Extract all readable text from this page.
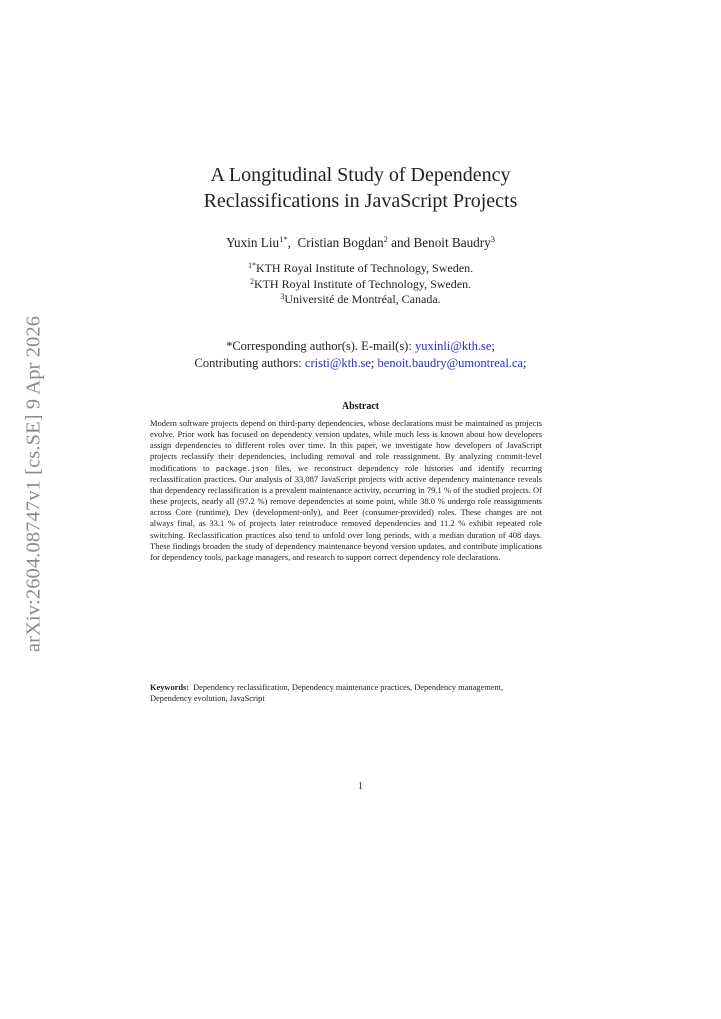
arXiv:2604.08747v1 [cs.SE] 9 Apr 2026
A Longitudinal Study of Dependency
Reclassifications in JavaScript Projects
Yuxin Liu$^{1*}$,  Cristian Bogdan$^2$ and Benoit Baudry$^3$
$^{1*}$KTH Royal Institute of Technology, Sweden.
$^2$KTH Royal Institute of Technology, Sweden.
$^3$Université de Montréal, Canada.
*Corresponding author(s). E-mail(s): yuxinli@kth.se;
Contributing authors: cristi@kth.se; benoit.baudry@umontreal.ca;
Abstract

Modern software projects depend on third-party dependencies, whose declarations must be maintained as projects evolve. Prior work has focused on dependency version updates, while much less is known about how developers assign dependencies to different roles over time. In this paper, we investigate how developers of JavaScript projects reclassify their dependencies, including removal and role reassignment. By analyzing commit-level modifications to package.json files, we reconstruct dependency role histories and identify recurring reclassification practices. Our analysis of 33,087 JavaScript projects with active dependency maintenance reveals that dependency reclassification is a prevalent maintenance activity, occurring in 79.1 % of the studied projects. Of these projects, nearly all (97.2 %) remove dependencies at some point, while 38.0 % undergo role reassignments across Core (runtime), Dev (development-only), and Peer (consumer-provided) roles. These changes are not always final, as 33.1 % of projects later reintroduce removed dependencies and 11.2 % exhibit repeated role switching. Reclassification practices also tend to unfold over long periods, with a median duration of 408 days. These findings broaden the study of dependency maintenance beyond version updates, and contribute implications for dependency tools, package managers, and research to support correct dependency role declarations.

Keywords: Dependency reclassification, Dependency maintenance practices, Dependency management, Dependency evolution, JavaScript

1
